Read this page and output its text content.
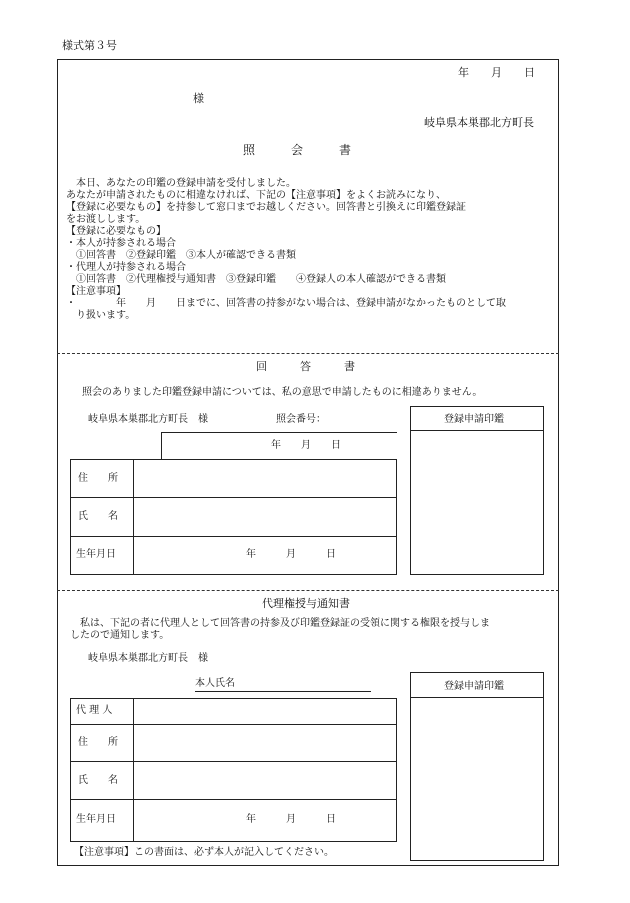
様式第３号
年　　月　　日
様
岐阜県本巣郡北方町長
照　　　会　　　書
　本日、あなたの印鑑の登録申請を受付しました。
あなたが申請されたものに相違なければ、下記の【注意事項】をよくお読みになり、
【登録に必要なもの】を持参して窓口までお越しください。回答書と引換えに印鑑登録証
をお渡しします。
【登録に必要なもの】
・本人が持参される場合
　①回答書　②登録印鑑　③本人が確認できる書類
・代理人が持参される場合
　①回答書　②代理権授与通知書　③登録印鑑　　④登録人の本人確認ができる書類
【注意事項】
・　　　　年　　月　　日までに、回答書の持参がない場合は、登録申請がなかったものとして取
　り扱います。
回　　　答　　　書
照会のありました印鑑登録申請については、私の意思で申請したものに相違ありません。
岐阜県本巣郡北方町長　様	照会番号：	登録申請印鑑
年　　月　　日
住　　所
氏　　名
生年月日	年　　　月　　　日
代理権授与通知書
　私は、下記の者に代理人として回答書の持参及び印鑑登録証の受領に関する権限を授与しま
したので通知します。
岐阜県本巣郡北方町長　様
本人氏名	登録申請印鑑
代 理 人
住　　所
氏　　名
生年月日	年　　　月　　　日
【注意事項】この書面は、必ず本人が記入してください。
